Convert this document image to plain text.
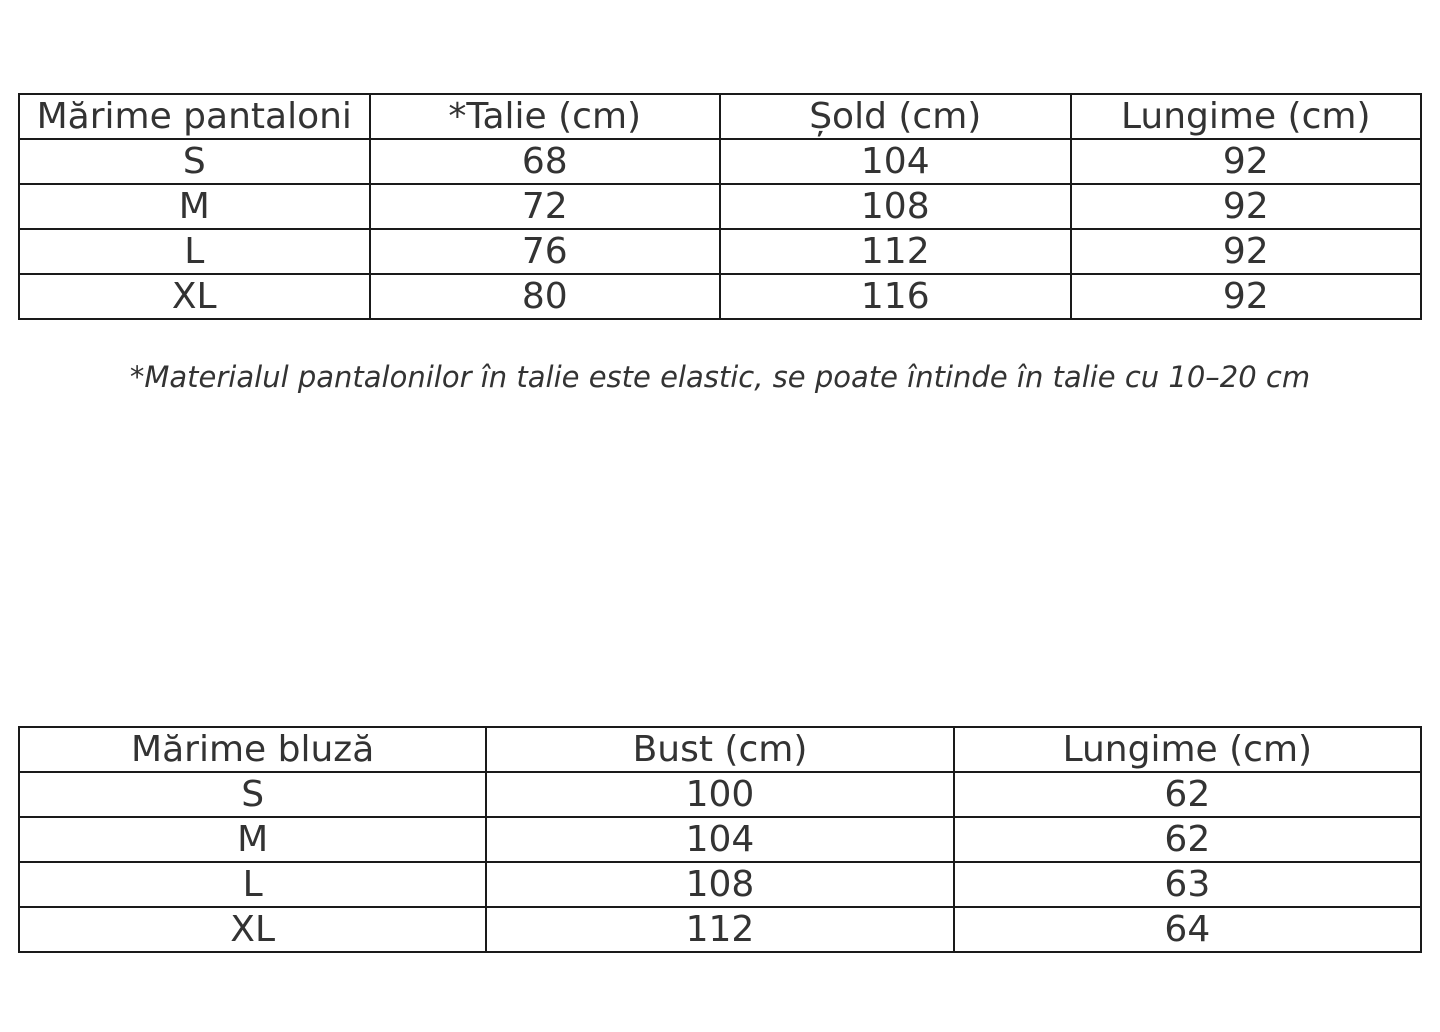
Mărime pantaloni	*Talie (cm)	Șold (cm)	Lungime (cm)
S	68	104	92
M	72	108	92
L	76	112	92
XL	80	116	92
*Materialul pantalonilor în talie este elastic, se poate întinde în talie cu 10–20 cm
Mărime bluză	Bust (cm)	Lungime (cm)
S	100	62
M	104	62
L	108	63
XL	112	64
